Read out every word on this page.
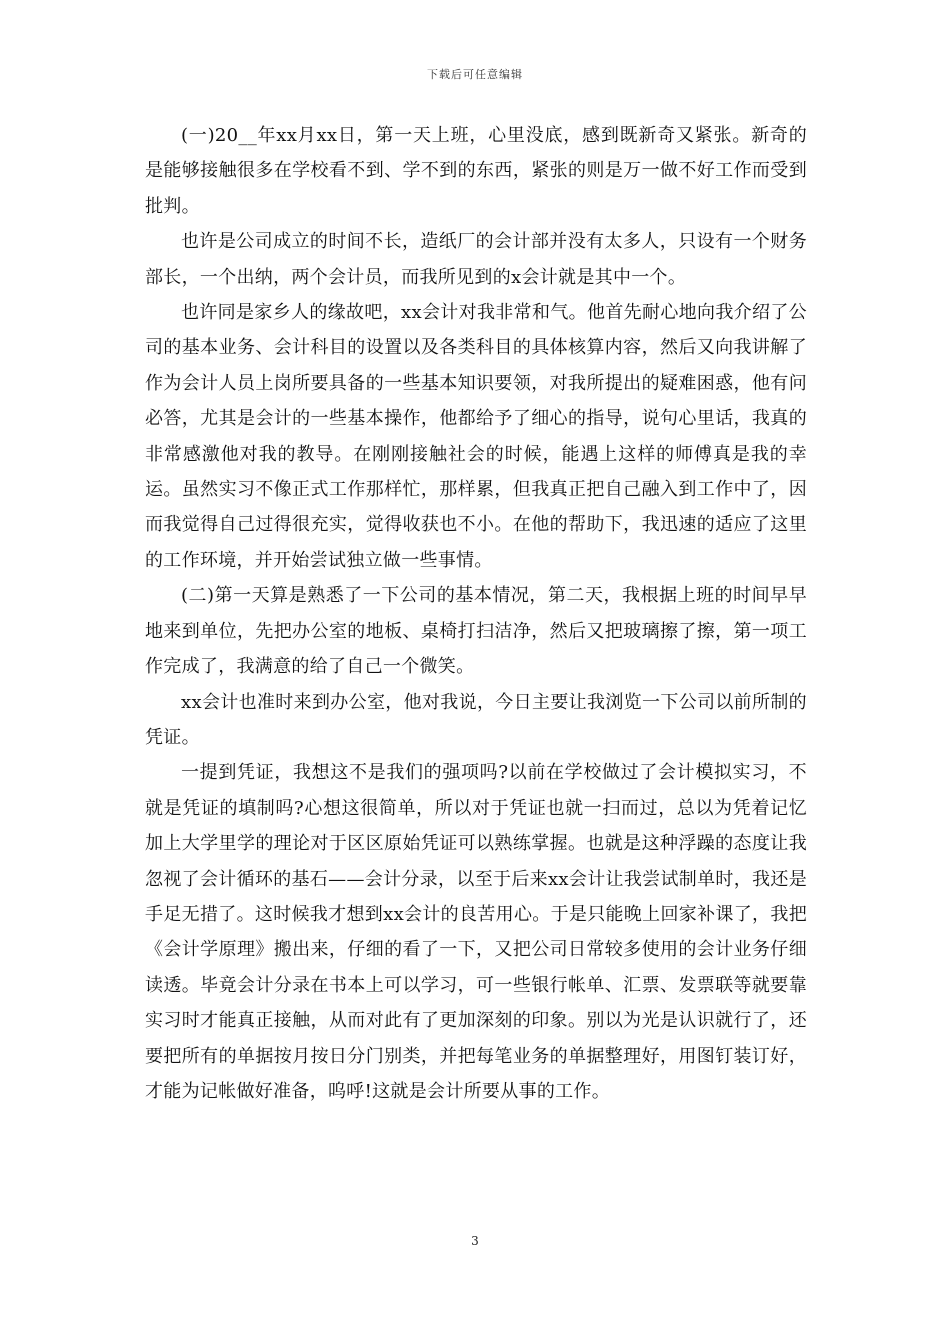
下载后可任意编辑

(一)20__年xx月xx日，第一天上班，心里没底，感到既新奇又紧张。新奇的是能够接触很多在学校看不到、学不到的东西，紧张的则是万一做不好工作而受到批判。

也许是公司成立的时间不长，造纸厂的会计部并没有太多人，只设有一个财务部长，一个出纳，两个会计员，而我所见到的x会计就是其中一个。

也许同是家乡人的缘故吧，xx会计对我非常和气。他首先耐心地向我介绍了公司的基本业务、会计科目的设置以及各类科目的具体核算内容，然后又向我讲解了作为会计人员上岗所要具备的一些基本知识要领，对我所提出的疑难困惑，他有问必答，尤其是会计的一些基本操作，他都给予了细心的指导，说句心里话，我真的非常感激他对我的教导。在刚刚接触社会的时候，能遇上这样的师傅真是我的幸运。虽然实习不像正式工作那样忙，那样累，但我真正把自己融入到工作中了，因而我觉得自己过得很充实，觉得收获也不小。在他的帮助下，我迅速的适应了这里的工作环境，并开始尝试独立做一些事情。

(二)第一天算是熟悉了一下公司的基本情况，第二天，我根据上班的时间早早地来到单位，先把办公室的地板、桌椅打扫洁净，然后又把玻璃擦了擦，第一项工作完成了，我满意的给了自己一个微笑。

xx会计也准时来到办公室，他对我说，今日主要让我浏览一下公司以前所制的凭证。

一提到凭证，我想这不是我们的强项吗?以前在学校做过了会计模拟实习，不就是凭证的填制吗?心想这很简单，所以对于凭证也就一扫而过，总以为凭着记忆加上大学里学的理论对于区区原始凭证可以熟练掌握。也就是这种浮躁的态度让我忽视了会计循环的基石——会计分录，以至于后来xx会计让我尝试制单时，我还是手足无措了。这时候我才想到xx会计的良苦用心。于是只能晚上回家补课了，我把《会计学原理》搬出来，仔细的看了一下，又把公司日常较多使用的会计业务仔细读透。毕竟会计分录在书本上可以学习，可一些银行帐单、汇票、发票联等就要靠实习时才能真正接触，从而对此有了更加深刻的印象。别以为光是认识就行了，还要把所有的单据按月按日分门别类，并把每笔业务的单据整理好，用图钉装订好，才能为记帐做好准备，呜呼!这就是会计所要从事的工作。

3
